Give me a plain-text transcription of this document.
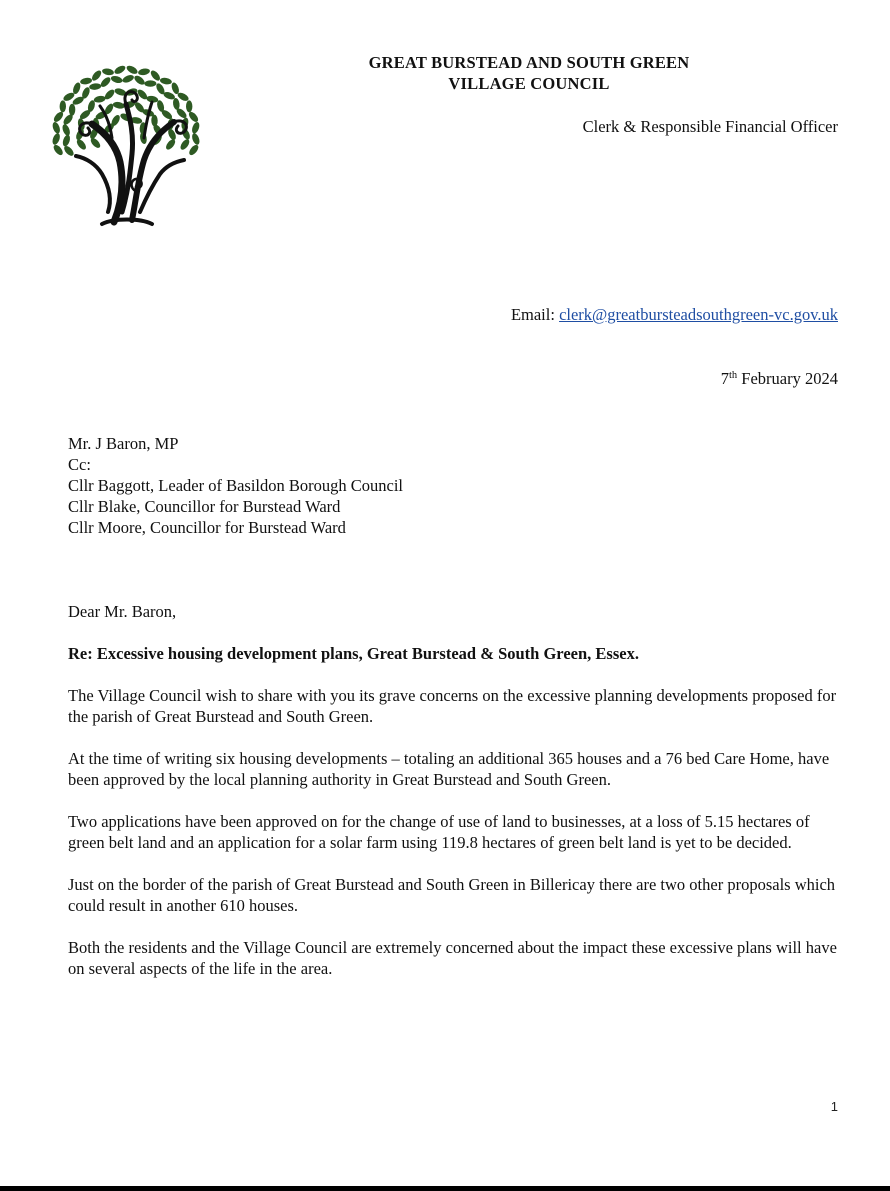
GREAT BURSTEAD AND SOUTH GREEN
VILLAGE COUNCIL
Clerk & Responsible Financial Officer
Email: clerk@greatbursteadsouthgreen-vc.gov.uk
7th February 2024
Mr. J Baron, MP
Cc:
Cllr Baggott, Leader of Basildon Borough Council
Cllr Blake, Councillor for Burstead Ward
Cllr Moore, Councillor for Burstead Ward

Dear Mr. Baron,

Re: Excessive housing development plans, Great Burstead & South Green, Essex.

The Village Council wish to share with you its grave concerns on the excessive planning developments proposed for the parish of Great Burstead and South Green.

At the time of writing six housing developments – totaling an additional 365 houses and a 76 bed Care Home, have been approved by the local planning authority in Great Burstead and South Green.

Two applications have been approved on for the change of use of land to businesses, at a loss of 5.15 hectares of green belt land and an application for a solar farm using 119.8 hectares of green belt land is yet to be decided.

Just on the border of the parish of Great Burstead and South Green in Billericay there are two other proposals which could result in another 610 houses.

Both the residents and the Village Council are extremely concerned about the impact these excessive plans will have on several aspects of the life in the area.

1
